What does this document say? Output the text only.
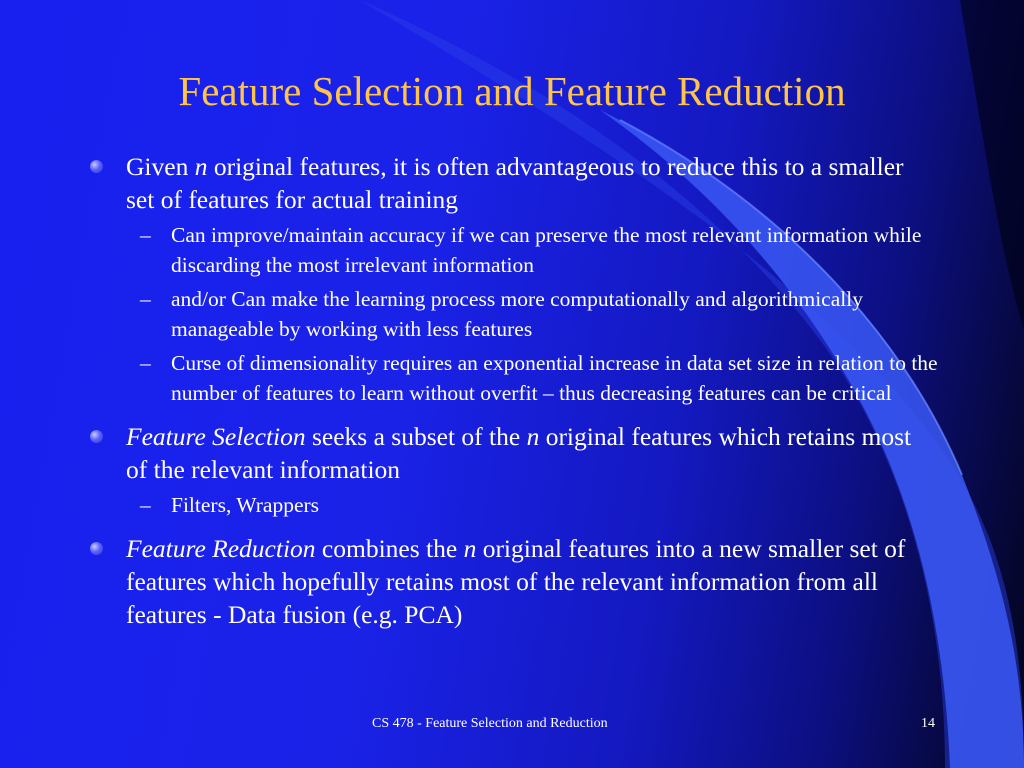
Feature Selection and Feature Reduction
Given n original features, it is often advantageous to reduce this to a smaller set of features for actual training
– Can improve/maintain accuracy if we can preserve the most relevant information while discarding the most irrelevant information
– and/or Can make the learning process more computationally and algorithmically manageable by working with less features
– Curse of dimensionality requires an exponential increase in data set size in relation to the number of features to learn without overfit – thus decreasing features can be critical
Feature Selection seeks a subset of the n original features which retains most of the relevant information
– Filters, Wrappers
Feature Reduction combines the n original features into a new smaller set of features which hopefully retains most of the relevant information from all features - Data fusion (e.g. PCA)
CS 478 - Feature Selection and Reduction	14
